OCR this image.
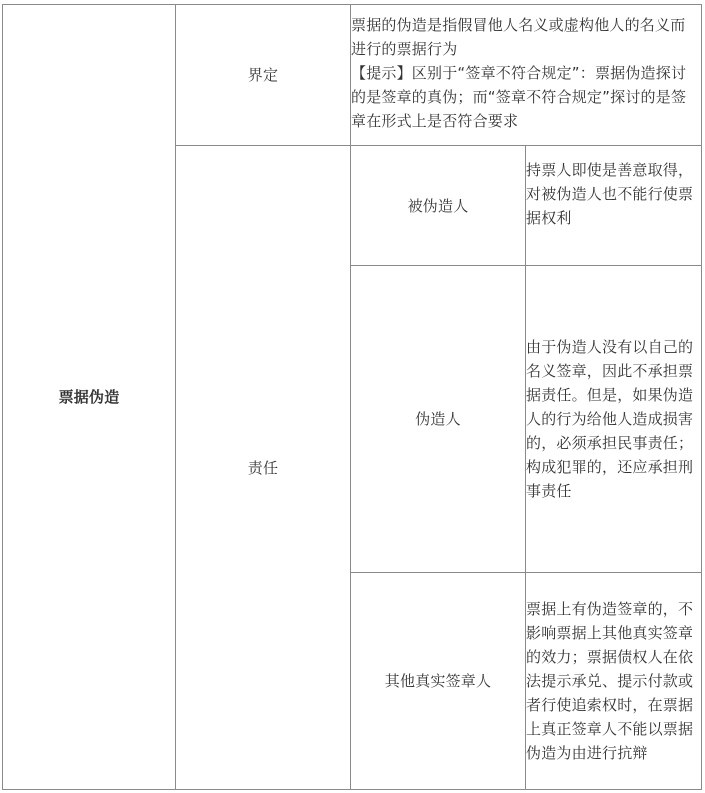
票据伪造
界定
票据的伪造是指假冒他人名义或虚构他人的名义而进行的票据行为
【提示】区别于“签章不符合规定”：票据伪造探讨的是签章的真伪；而“签章不符合规定”探讨的是签章在形式上是否符合要求
责任
被伪造人
持票人即使是善意取得，对被伪造人也不能行使票据权利
伪造人
由于伪造人没有以自己的名义签章，因此不承担票据责任。但是，如果伪造人的行为给他人造成损害的，必须承担民事责任；构成犯罪的，还应承担刑事责任
其他真实签章人
票据上有伪造签章的，不影响票据上其他真实签章的效力；票据债权人在依法提示承兑、提示付款或者行使追索权时，在票据上真正签章人不能以票据伪造为由进行抗辩
